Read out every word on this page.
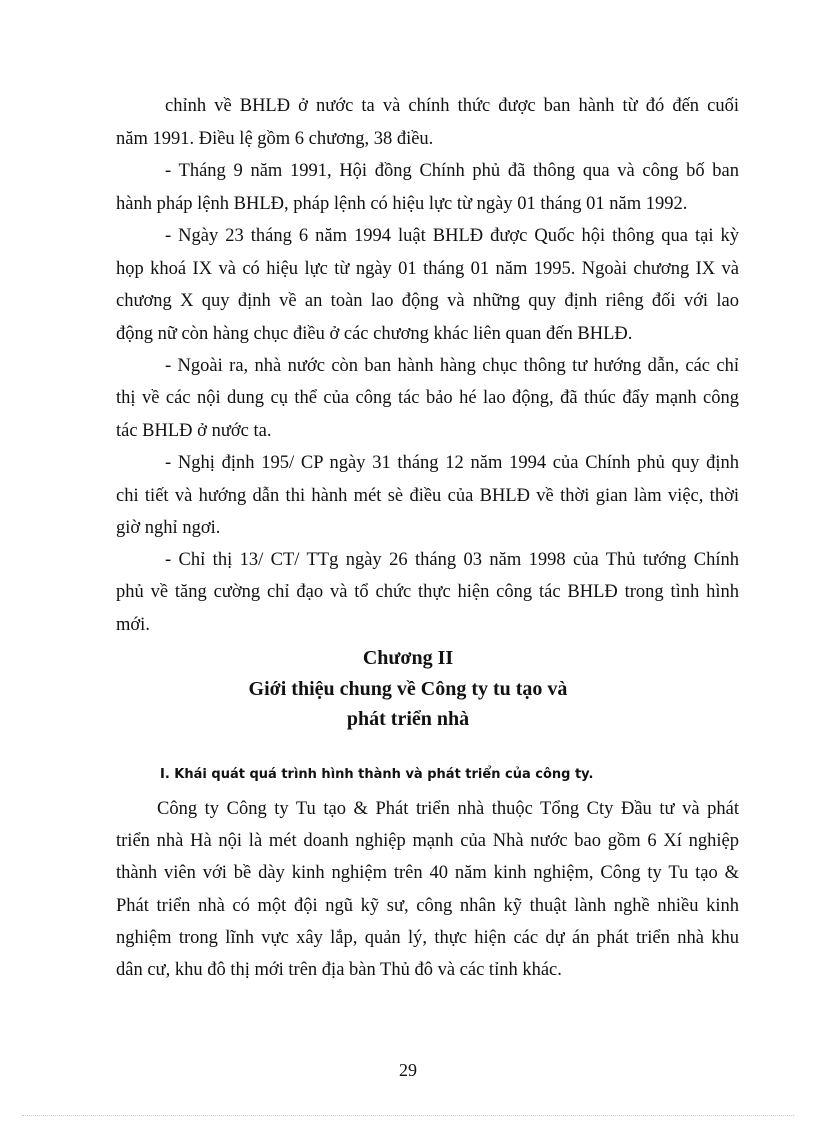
chỉnh về BHLĐ ở nước ta và chính thức được ban hành từ đó đến cuối
năm 1991. Điều lệ gồm 6 chương, 38 điều.
- Tháng 9 năm 1991, Hội đồng Chính phủ đã thông qua và công bố ban
hành pháp lệnh BHLĐ, pháp lệnh có hiệu lực từ ngày 01 tháng 01 năm 1992.
- Ngày 23 tháng 6 năm 1994 luật BHLĐ được Quốc hội thông qua tại kỳ
họp khoá IX và có hiệu lực từ ngày 01 tháng 01 năm 1995. Ngoài chương IX và
chương X quy định về an toàn lao động và những quy định riêng đối với lao
động nữ còn hàng chục điều ở các chương khác liên quan đến BHLĐ.
- Ngoài ra, nhà nước còn ban hành hàng chục thông tư hướng dẫn, các chỉ
thị về các nội dung cụ thể của công tác bảo hé lao động, đã thúc đẩy mạnh công
tác BHLĐ ở nước ta.
- Nghị định 195/ CP ngày 31 tháng 12 năm 1994 của Chính phủ quy định
chi tiết và hướng dẫn thi hành mét sè điều của BHLĐ về thời gian làm việc, thời
giờ nghỉ ngơi.
- Chỉ thị 13/ CT/ TTg ngày 26 tháng 03 năm 1998 của Thủ tướng Chính
phủ về tăng cường chỉ đạo và tổ chức thực hiện công tác BHLĐ trong tình hình
mới.
Chương II
Giới thiệu chung về Công ty tu tạo và
phát triển nhà
I. Khái quát quá trình hình thành và phát triển của công ty.
Công ty Công ty Tu tạo & Phát triển nhà thuộc Tổng Cty Đầu tư và phát
triển nhà Hà nội là mét doanh nghiệp mạnh của Nhà nước bao gồm 6 Xí nghiệp
thành viên với bề dày kinh nghiệm trên 40 năm kinh nghiệm, Công ty Tu tạo &
Phát triển nhà có một đội ngũ kỹ sư, công nhân kỹ thuật lành nghề nhiều kinh
nghiệm trong lĩnh vực xây lắp, quản lý, thực hiện các dự án phát triển nhà khu
dân cư, khu đô thị mới trên địa bàn Thủ đô và các tỉnh khác.
29
